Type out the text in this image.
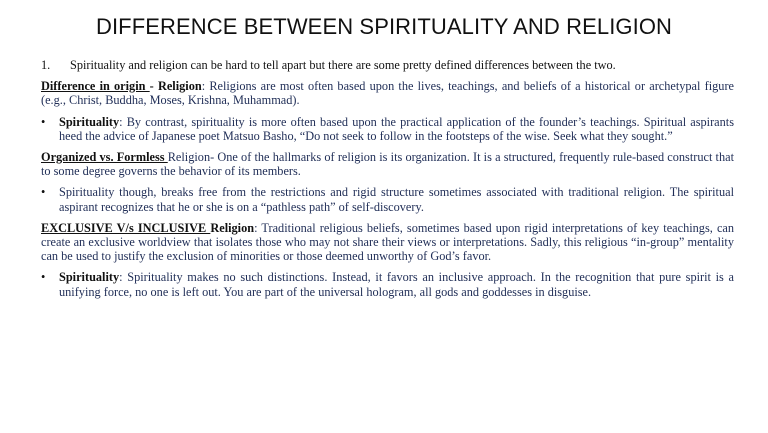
DIFFERENCE BETWEEN SPIRITUALITY AND RELIGION
1. Spirituality and religion can be hard to tell apart but there are some pretty defined differences between the two.
Difference in origin - Religion: Religions are most often based upon the lives, teachings, and beliefs of a historical or archetypal figure (e.g., Christ, Buddha, Moses, Krishna, Muhammad).
• Spirituality: By contrast, spirituality is more often based upon the practical application of the founder’s teachings. Spiritual aspirants heed the advice of Japanese poet Matsuo Basho, “Do not seek to follow in the footsteps of the wise. Seek what they sought.”
Organized vs. Formless Religion- One of the hallmarks of religion is its organization. It is a structured, frequently rule-based construct that to some degree governs the behavior of its members.
• Spirituality though, breaks free from the restrictions and rigid structure sometimes associated with traditional religion. The spiritual aspirant recognizes that he or she is on a “pathless path” of self-discovery.
EXCLUSIVE V/s INCLUSIVE Religion: Traditional religious beliefs, sometimes based upon rigid interpretations of key teachings, can create an exclusive worldview that isolates those who may not share their views or interpretations. Sadly, this religious “in-group” mentality can be used to justify the exclusion of minorities or those deemed unworthy of God’s favor.
• Spirituality: Spirituality makes no such distinctions. Instead, it favors an inclusive approach. In the recognition that pure spirit is a unifying force, no one is left out. You are part of the universal hologram, all gods and goddesses in disguise.
